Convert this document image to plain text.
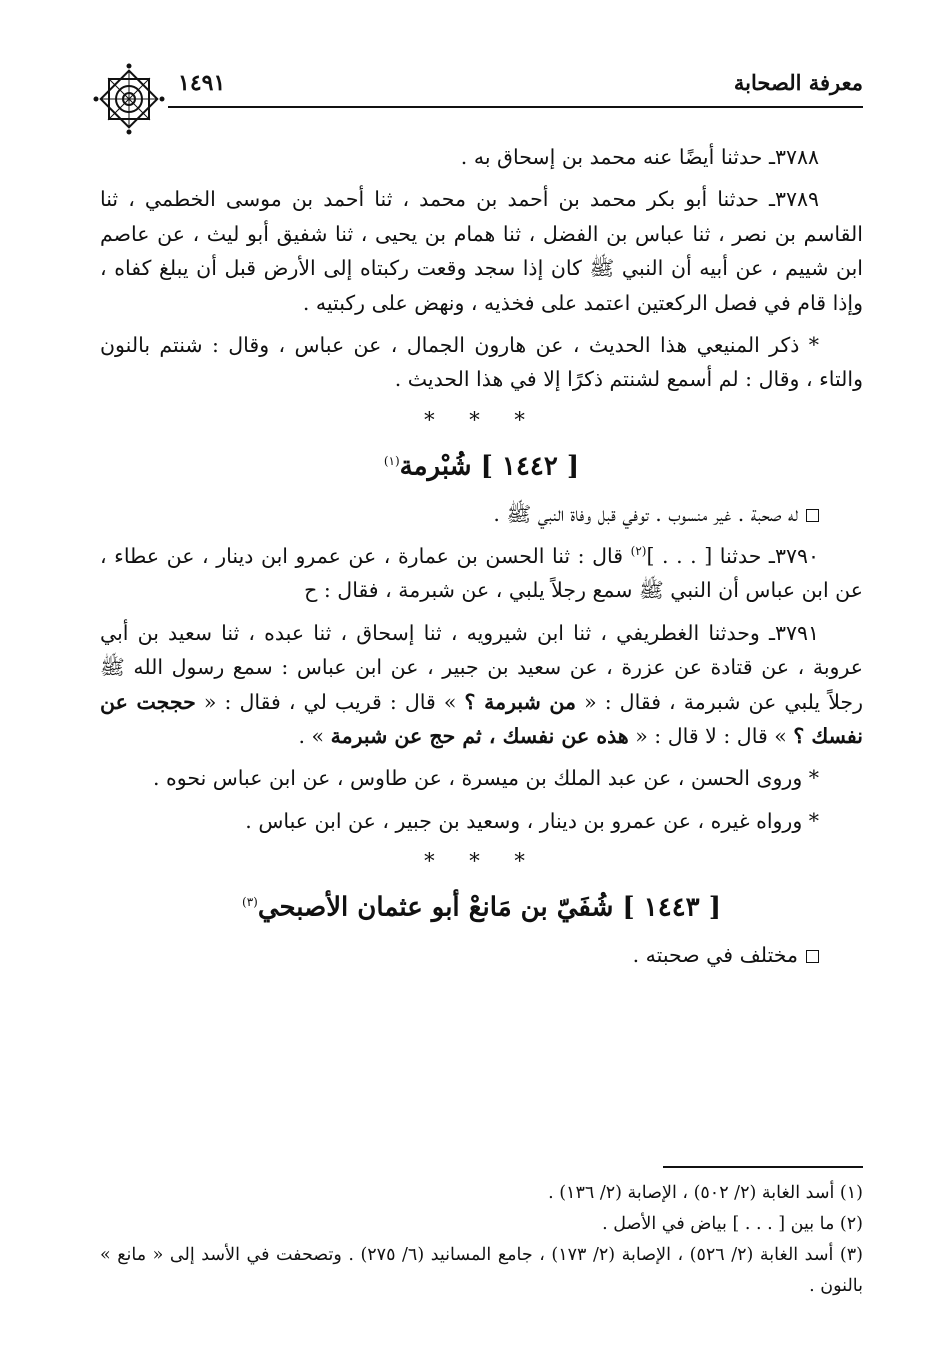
معرفة الصحابة
١٤٩١

٣٧٨٨ـ حدثنا أيضًا عنه محمد بن إسحاق به .

٣٧٨٩ـ حدثنا أبو بكر محمد بن أحمد بن محمد ، ثنا أحمد بن موسى الخطمي ، ثنا القاسم بن نصر ، ثنا عباس بن الفضل ، ثنا همام بن يحيى ، ثنا شفيق أبو ليث ، عن عاصم ابن شييم ، عن أبيه أن النبي ﷺ كان إذا سجد وقعت ركبتاه إلى الأرض قبل أن يبلغ كفاه ، وإذا قام في فصل الركعتين اعتمد على فخذيه ، ونهض على ركبتيه .

* ذكر المنيعي هذا الحديث ، عن هارون الجمال ، عن عباس ، وقال : شنتم بالنون والتاء ، وقال : لم أسمع لشنتم ذكرًا إلا في هذا الحديث .

* * *
[ ١٤٤٢ ] شُبْرمة$^{(١)}$

له صحبة . غير منسوب . توفي قبل وفاة النبي ﷺ .

٣٧٩٠ـ حدثنا [ . . . ]$^{(٢)}$ قال : ثنا الحسن بن عمارة ، عن عمرو ابن دينار ، عن عطاء ، عن ابن عباس أن النبي ﷺ سمع رجلاً يلبي ، عن شبرمة ، فقال : ح

٣٧٩١ـ وحدثنا الغطريفي ، ثنا ابن شيرويه ، ثنا إسحاق ، ثنا عبده ، ثنا سعيد بن أبي عروبة ، عن قتادة عن عزرة ، عن سعيد بن جبير ، عن ابن عباس : سمع رسول الله ﷺ رجلاً يلبي عن شبرمة ، فقال : « من شبرمة ؟ » قال : قريب لي ، فقال : « حججت عن نفسك ؟ » قال : لا قال : « هذه عن نفسك ، ثم حج عن شبرمة » .

* وروى الحسن ، عن عبد الملك بن ميسرة ، عن طاوس ، عن ابن عباس نحوه .

* ورواه غيره ، عن عمرو بن دينار ، وسعيد بن جبير ، عن ابن عباس .

* * *
[ ١٤٤٣ ] شُفَيّ بن مَانعْ أبو عثمان الأصبحي$^{(٣)}$

مختلف في صحبته .

(١) أسد الغابة (٢/ ٥٠٢) ، الإصابة (٢/ ١٣٦) .

(٢) ما بين [ . . . ] بياض في الأصل .

(٣) أسد الغابة (٢/ ٥٢٦) ، الإصابة (٢/ ١٧٣) ، جامع المسانيد (٦/ ٢٧٥) . وتصحفت في الأسد إلى « مانع » بالنون .
